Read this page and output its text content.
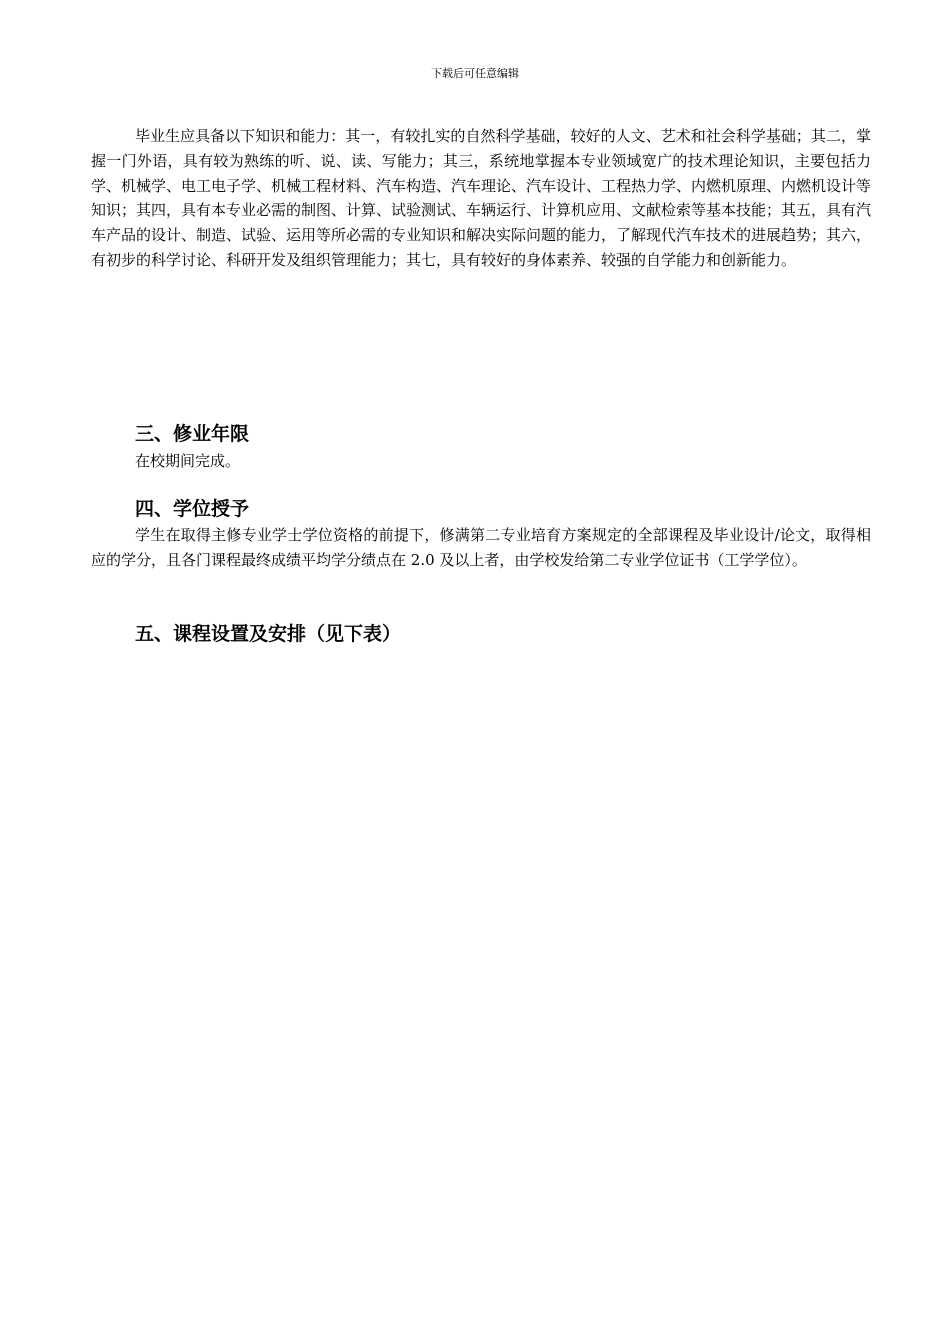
下载后可任意编辑

毕业生应具备以下知识和能力：其一，有较扎实的自然科学基础，较好的人文、艺术和社会科学基础；其二，掌握一门外语，具有较为熟练的听、说、读、写能力；其三，系统地掌握本专业领域宽广的技术理论知识，主要包括力学、机械学、电工电子学、机械工程材料、汽车构造、汽车理论、汽车设计、工程热力学、内燃机原理、内燃机设计等知识；其四，具有本专业必需的制图、计算、试验测试、车辆运行、计算机应用、文献检索等基本技能；其五，具有汽车产品的设计、制造、试验、运用等所必需的专业知识和解决实际问题的能力，了解现代汽车技术的进展趋势；其六，有初步的科学讨论、科研开发及组织管理能力；其七，具有较好的身体素养、较强的自学能力和创新能力。

三、修业年限

在校期间完成。

四、学位授予

学生在取得主修专业学士学位资格的前提下，修满第二专业培育方案规定的全部课程及毕业设计/论文，取得相应的学分，且各门课程最终成绩平均学分绩点在 2.0 及以上者，由学校发给第二专业学位证书（工学学位）。

五、课程设置及安排（见下表）
